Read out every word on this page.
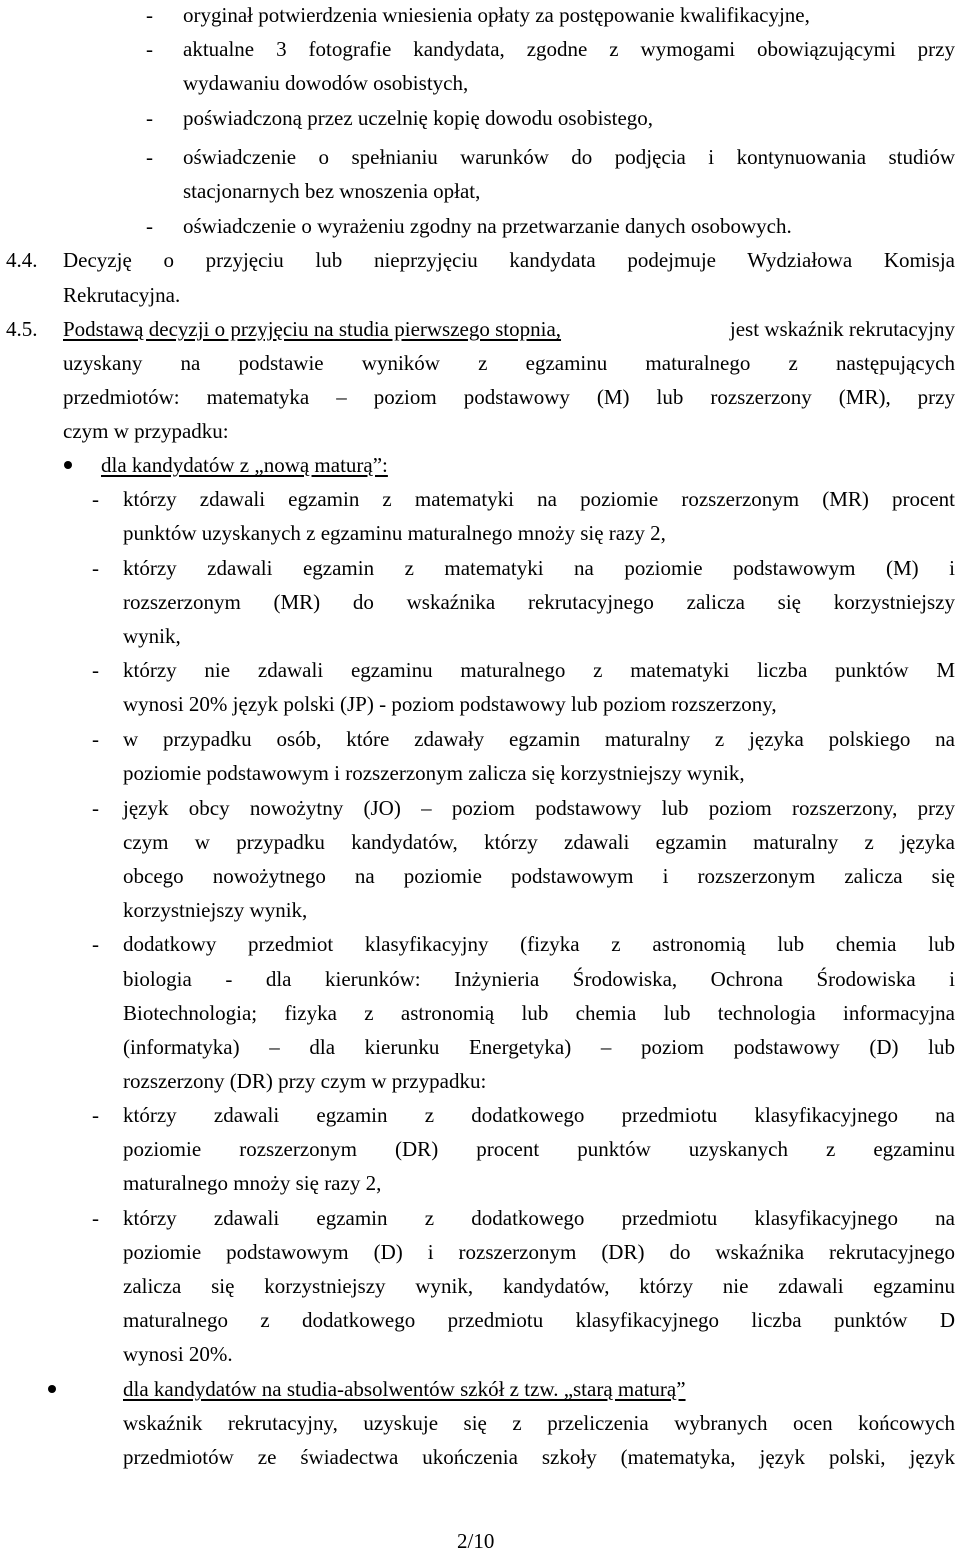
- oryginał potwierdzenia wniesienia opłaty za postępowanie kwalifikacyjne,
- aktualne 3 fotografie kandydata, zgodne z wymogami obowiązującymi przy
wydawaniu dowodów osobistych,
- poświadczoną przez uczelnię kopię dowodu osobistego,
- oświadczenie o spełnianiu warunków do podjęcia i kontynuowania studiów
stacjonarnych bez wnoszenia opłat,
- oświadczenie o wyrażeniu zgodny na przetwarzanie danych osobowych.
4.4. Decyzję o przyjęciu lub nieprzyjęciu kandydata podejmuje Wydziałowa Komisja
Rekrutacyjna.
4.5. Podstawą decyzji o przyjęciu na studia pierwszego stopnia,	jest wskaźnik rekrutacyjny
uzyskany na podstawie wyników z egzaminu maturalnego z następujących
przedmiotów: matematyka – poziom podstawowy (M) lub rozszerzony (MR), przy
czym w przypadku:
dla kandydatów z „nową maturą”:
- którzy zdawali egzamin z matematyki na poziomie rozszerzonym (MR) procent
punktów uzyskanych z egzaminu maturalnego mnoży się razy 2,
- którzy zdawali egzamin z matematyki na poziomie podstawowym (M) i
rozszerzonym (MR) do wskaźnika rekrutacyjnego zalicza się korzystniejszy
wynik,
- którzy nie zdawali egzaminu maturalnego z matematyki liczba punktów M
wynosi 20% język polski (JP) - poziom podstawowy lub poziom rozszerzony,
- w przypadku osób, które zdawały egzamin maturalny z języka polskiego na
poziomie podstawowym i rozszerzonym zalicza się korzystniejszy wynik,
- język obcy nowożytny (JO) – poziom podstawowy lub poziom rozszerzony, przy
czym w przypadku kandydatów, którzy zdawali egzamin maturalny z języka
obcego nowożytnego na poziomie podstawowym i rozszerzonym zalicza się
korzystniejszy wynik,
- dodatkowy przedmiot klasyfikacyjny (fizyka z astronomią lub chemia lub
biologia - dla kierunków: Inżynieria Środowiska, Ochrona Środowiska i
Biotechnologia; fizyka z astronomią lub chemia lub technologia informacyjna
(informatyka) – dla kierunku Energetyka) – poziom podstawowy (D) lub
rozszerzony (DR) przy czym w przypadku:
- którzy zdawali egzamin z dodatkowego przedmiotu klasyfikacyjnego na
poziomie rozszerzonym (DR) procent punktów uzyskanych z egzaminu
maturalnego mnoży się razy 2,
- którzy zdawali egzamin z dodatkowego przedmiotu klasyfikacyjnego na
poziomie podstawowym (D) i rozszerzonym (DR) do wskaźnika rekrutacyjnego
zalicza się korzystniejszy wynik, kandydatów, którzy nie zdawali egzaminu
maturalnego z dodatkowego przedmiotu klasyfikacyjnego liczba punktów D
wynosi 20%.
dla kandydatów na studia-absolwentów szkół z tzw. „starą maturą”
wskaźnik rekrutacyjny, uzyskuje się z przeliczenia wybranych ocen końcowych
przedmiotów ze świadectwa ukończenia szkoły (matematyka, język polski, język
2/10
